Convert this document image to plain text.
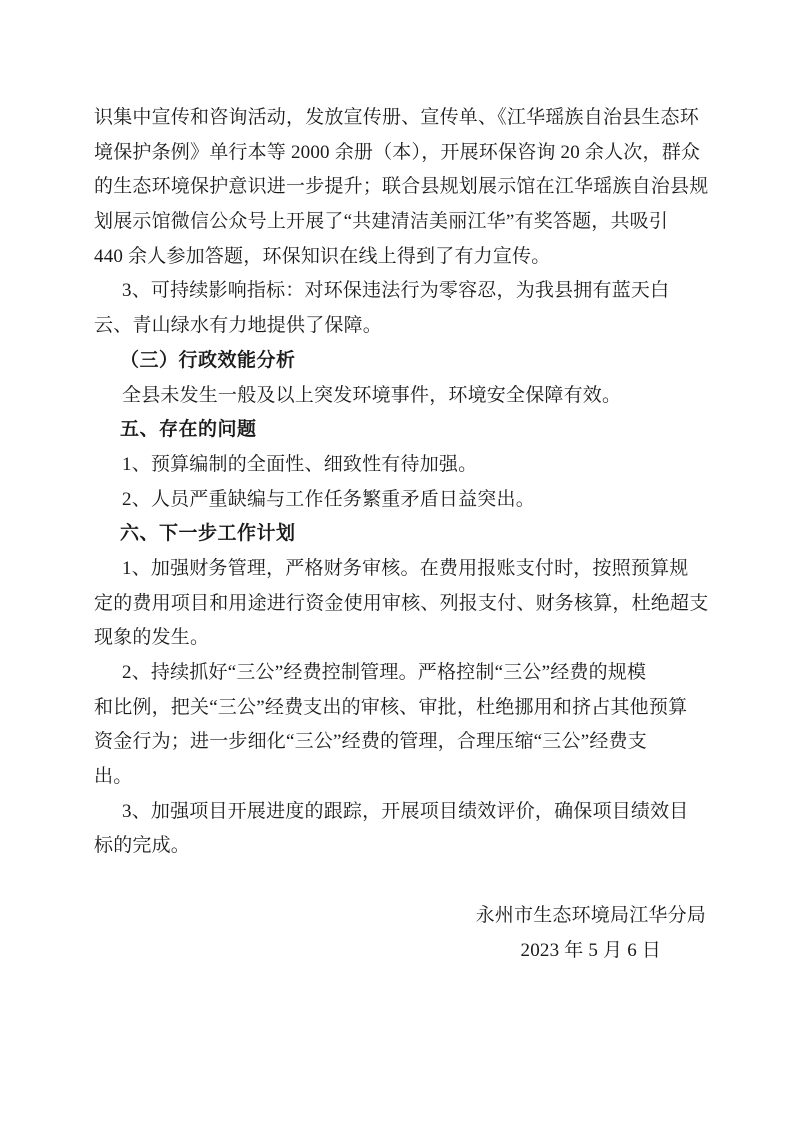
识集中宣传和咨询活动，发放宣传册、宣传单、《江华瑶族自治县生态环
境保护条例》单行本等 2000 余册（本），开展环保咨询 20 余人次，群众
的生态环境保护意识进一步提升；联合县规划展示馆在江华瑶族自治县规
划展示馆微信公众号上开展了“共建清洁美丽江华”有奖答题，共吸引
440 余人参加答题，环保知识在线上得到了有力宣传。
3、可持续影响指标：对环保违法行为零容忍，为我县拥有蓝天白
云、青山绿水有力地提供了保障。
（三）行政效能分析
全县未发生一般及以上突发环境事件，环境安全保障有效。
五、存在的问题
1、预算编制的全面性、细致性有待加强。
2、人员严重缺编与工作任务繁重矛盾日益突出。
六、下一步工作计划
1、加强财务管理，严格财务审核。在费用报账支付时，按照预算规
定的费用项目和用途进行资金使用审核、列报支付、财务核算，杜绝超支
现象的发生。
2、持续抓好“三公”经费控制管理。严格控制“三公”经费的规模
和比例，把关“三公”经费支出的审核、审批，杜绝挪用和挤占其他预算
资金行为；进一步细化“三公”经费的管理，合理压缩“三公”经费支
出。
3、加强项目开展进度的跟踪，开展项目绩效评价，确保项目绩效目
标的完成。
永州市生态环境局江华分局
2023 年 5 月 6 日
